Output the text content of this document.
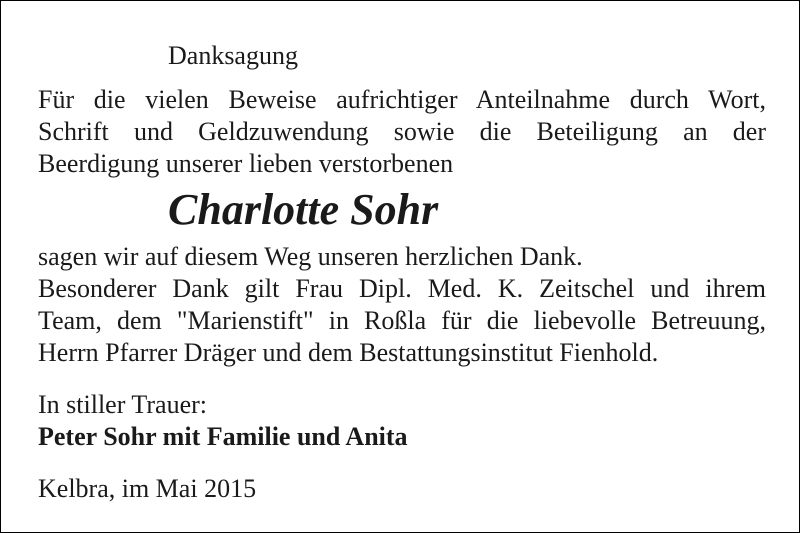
Danksagung
Für die vielen Beweise aufrichtiger Anteilnahme durch Wort,
Schrift und Geldzuwendung sowie die Beteiligung an der
Beerdigung unserer lieben verstorbenen
sagen wir auf diesem Weg unseren herzlichen Dank.
Besonderer Dank gilt Frau Dipl. Med. K. Zeitschel und ihrem
Team, dem "Marienstift" in Roßla für die liebevolle Betreuung,
Herrn Pfarrer Dräger und dem Bestattungsinstitut Fienhold.
In stiller Trauer:
Peter Sohr mit Familie und Anita
Kelbra, im Mai 2015
Charlotte Sohr
